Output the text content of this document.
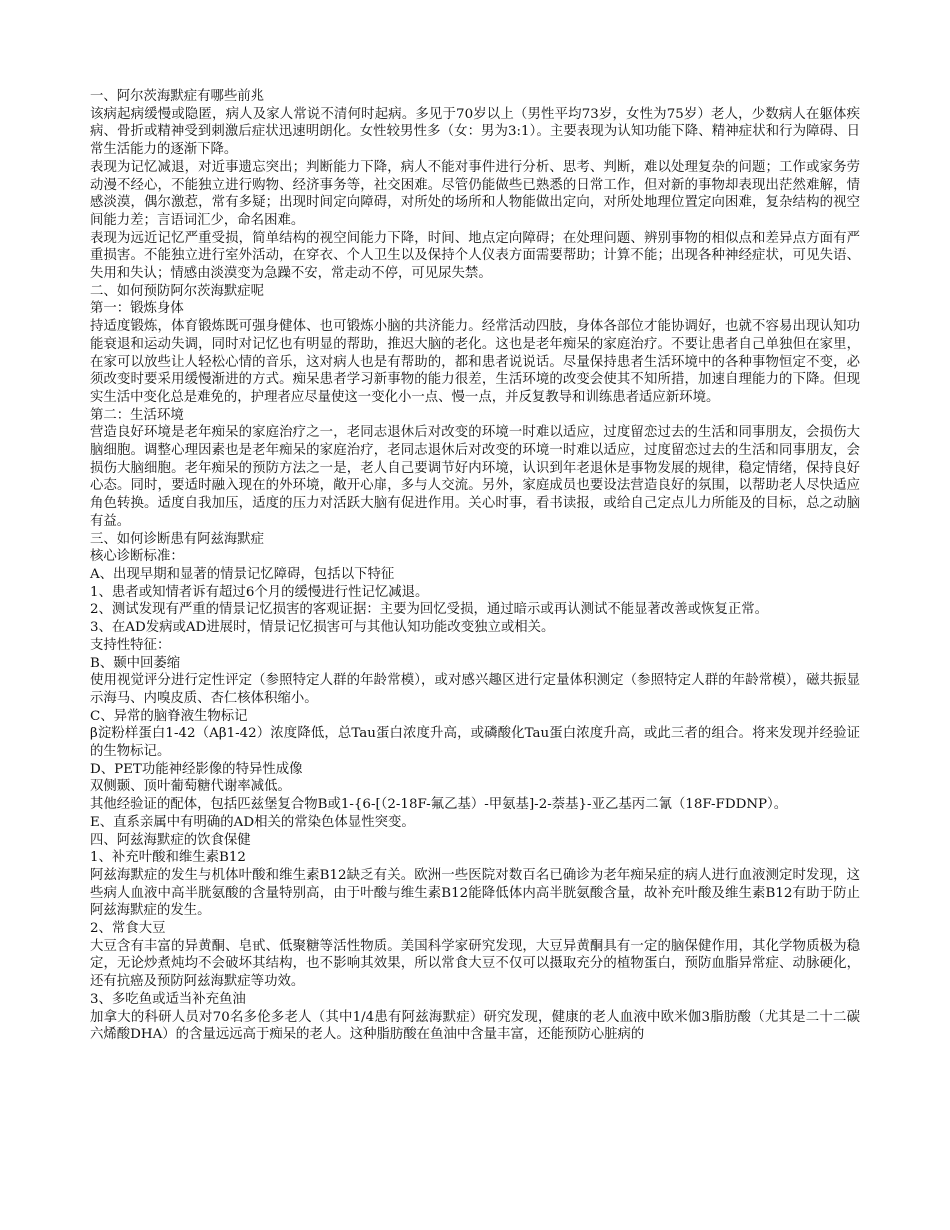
一、阿尔茨海默症有哪些前兆

该病起病缓慢或隐匿，病人及家人常说不清何时起病。多见于70岁以上（男性平均73岁，女性为75岁）老人，少数病人在躯体疾病、骨折或精神受到刺激后症状迅速明朗化。女性较男性多（女：男为3:1）。主要表现为认知功能下降、精神症状和行为障碍、日常生活能力的逐渐下降。

表现为记忆减退，对近事遗忘突出；判断能力下降，病人不能对事件进行分析、思考、判断，难以处理复杂的问题；工作或家务劳动漫不经心，不能独立进行购物、经济事务等，社交困难。尽管仍能做些已熟悉的日常工作，但对新的事物却表现出茫然难解，情感淡漠，偶尔激惹，常有多疑；出现时间定向障碍，对所处的场所和人物能做出定向，对所处地理位置定向困难，复杂结构的视空间能力差；言语词汇少，命名困难。

表现为远近记忆严重受损，简单结构的视空间能力下降，时间、地点定向障碍；在处理问题、辨别事物的相似点和差异点方面有严重损害。不能独立进行室外活动，在穿衣、个人卫生以及保持个人仪表方面需要帮助；计算不能；出现各种神经症状，可见失语、失用和失认；情感由淡漠变为急躁不安，常走动不停，可见尿失禁。

二、如何预防阿尔茨海默症呢

第一：锻炼身体

持适度锻炼，体育锻炼既可强身健体、也可锻炼小脑的共济能力。经常活动四肢，身体各部位才能协调好，也就不容易出现认知功能衰退和运动失调，同时对记忆也有明显的帮助，推迟大脑的老化。这也是老年痴呆的家庭治疗。不要让患者自己单独但在家里，在家可以放些让人轻松心情的音乐，这对病人也是有帮助的，都和患者说说话。尽量保持患者生活环境中的各种事物恒定不变，必须改变时要采用缓慢渐进的方式。痴呆患者学习新事物的能力很差，生活环境的改变会使其不知所措，加速自理能力的下降。但现实生活中变化总是难免的，护理者应尽量使这一变化小一点、慢一点，并反复教导和训练患者适应新环境。

第二：生活环境

营造良好环境是老年痴呆的家庭治疗之一，老同志退休后对改变的环境一时难以适应，过度留恋过去的生活和同事朋友，会损伤大脑细胞。调整心理因素也是老年痴呆的家庭治疗，老同志退休后对改变的环境一时难以适应，过度留恋过去的生活和同事朋友，会损伤大脑细胞。老年痴呆的预防方法之一是，老人自己要调节好内环境，认识到年老退休是事物发展的规律，稳定情绪，保持良好心态。同时，要适时融入现在的外环境，敞开心扉，多与人交流。另外，家庭成员也要设法营造良好的氛围，以帮助老人尽快适应角色转换。适度自我加压，适度的压力对活跃大脑有促进作用。关心时事，看书读报，或给自己定点儿力所能及的目标，总之动脑有益。

三、如何诊断患有阿兹海默症

核心诊断标准：

A、出现早期和显著的情景记忆障碍，包括以下特征

1、患者或知情者诉有超过6个月的缓慢进行性记忆减退。

2、测试发现有严重的情景记忆损害的客观证据：主要为回忆受损，通过暗示或再认测试不能显著改善或恢复正常。

3、在AD发病或AD进展时，情景记忆损害可与其他认知功能改变独立或相关。

支持性特征：

B、颞中回萎缩

使用视觉评分进行定性评定（参照特定人群的年龄常模），或对感兴趣区进行定量体积测定（参照特定人群的年龄常模），磁共振显示海马、内嗅皮质、杏仁核体积缩小。

C、异常的脑脊液生物标记

β淀粉样蛋白1-42（Aβ1-42）浓度降低，总Tau蛋白浓度升高，或磷酸化Tau蛋白浓度升高，或此三者的组合。将来发现并经验证的生物标记。

D、PET功能神经影像的特异性成像

双侧颞、顶叶葡萄糖代谢率减低。

其他经验证的配体，包括匹兹堡复合物B或1-{6-[（2-18F-氟乙基）-甲氨基]-2-萘基}-亚乙基丙二氰（18F-FDDNP）。

E、直系亲属中有明确的AD相关的常染色体显性突变。

四、阿兹海默症的饮食保健

1、补充叶酸和维生素B12

阿兹海默症的发生与机体叶酸和维生素B12缺乏有关。欧洲一些医院对数百名已确诊为老年痴呆症的病人进行血液测定时发现，这些病人血液中高半胱氨酸的含量特别高，由于叶酸与维生素B12能降低体内高半胱氨酸含量，故补充叶酸及维生素B12有助于防止阿兹海默症的发生。

2、常食大豆

大豆含有丰富的异黄酮、皂甙、低聚糖等活性物质。美国科学家研究发现，大豆异黄酮具有一定的脑保健作用，其化学物质极为稳定，无论炒煮炖均不会破坏其结构，也不影响其效果，所以常食大豆不仅可以摄取充分的植物蛋白，预防血脂异常症、动脉硬化，还有抗癌及预防阿兹海默症等功效。

3、多吃鱼或适当补充鱼油

加拿大的科研人员对70名多伦多老人（其中1/4患有阿兹海默症）研究发现，健康的老人血液中欧米伽3脂肪酸（尤其是二十二碳六烯酸DHA）的含量远远高于痴呆的老人。这种脂肪酸在鱼油中含量丰富，还能预防心脏病的
